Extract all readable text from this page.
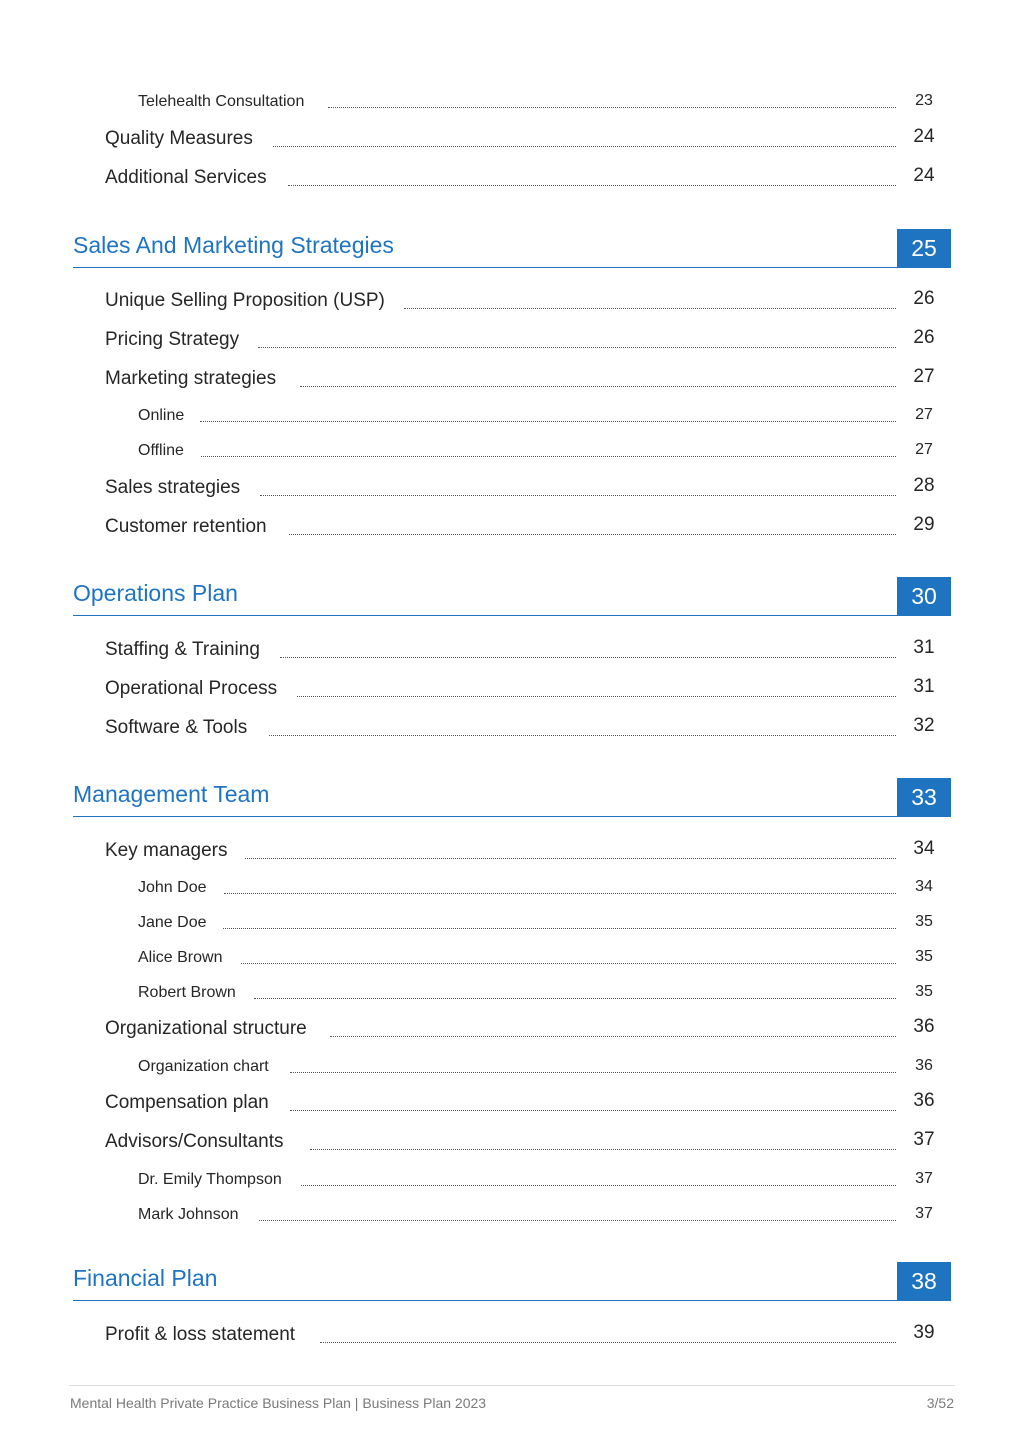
Telehealth Consultation	23
Quality Measures	24
Additional Services	24
Sales And Marketing Strategies	25
Unique Selling Proposition (USP)	26
Pricing Strategy	26
Marketing strategies	27
Online	27
Offline	27
Sales strategies	28
Customer retention	29
Operations Plan	30
Staffing & Training	31
Operational Process	31
Software & Tools	32
Management Team	33
Key managers	34
John Doe	34
Jane Doe	35
Alice Brown	35
Robert Brown	35
Organizational structure	36
Organization chart	36
Compensation plan	36
Advisors/Consultants	37
Dr. Emily Thompson	37
Mark Johnson	37
Financial Plan	38
Profit & loss statement	39
Mental Health Private Practice Business Plan | Business Plan 2023	3/52
